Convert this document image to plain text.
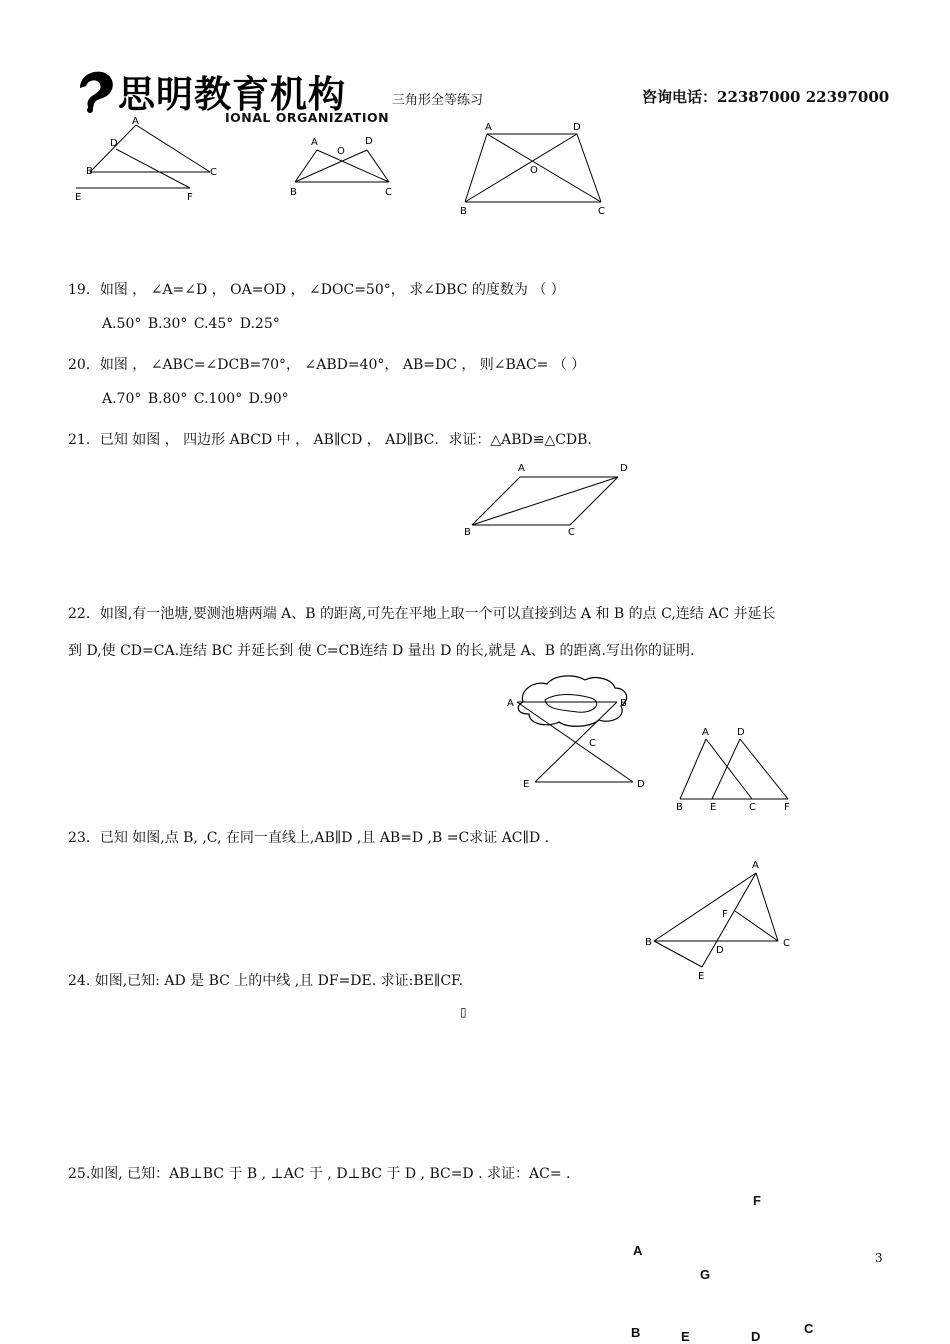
思明教育机构
IONAL ORGANIZATION
三角形全等练习	咨询电话：22387000 22397000
A
D
B	C
E	F
A
O
D
B	C
A	D
O
B	C
19．如图 ， ∠A=∠D ， OA=OD ， ∠DOC=50°， 求∠DBC 的度数为 （ ）
A.50° B.30° C.45° D.25°
20．如图 ， ∠ABC=∠DCB=70°， ∠ABD=40°， AB=DC ， 则∠BAC= （ ）
A.70° B.80° C.100° D.90°
21．已知 如图 ， 四边形 ABCD 中 ， AB∥CD ， AD∥BC．求证：△ABD≌△CDB.
A	D
B	C
22．如图,有一池塘,要测池塘两端 A、B 的距离,可先在平地上取一个可以直接到达 A 和 B 的点 C,连结 AC 并延长
到 D,使 CD=CA.连结 BC 并延长到 使 C=CB连结 D 量出 D 的长,就是 A、B 的距离.写出你的证明.
A	B
C
E	D
A	D
B	E	C	F
23．已知 如图,点 B, ,C, 在同一直线上,AB∥D ,且 AB=D ,B =C求证 AC∥D .
A
F
B
D
C
E
24. 如图,已知: AD 是 BC 上的中线 ,且 DF=DE. 求证:BE∥CF.
▯
25.如图, 已知：AB⊥BC 于 B , ⊥AC 于 , D⊥BC 于 D , BC=D . 求证：AC= .
F
A
G
B	E	D
C
3
